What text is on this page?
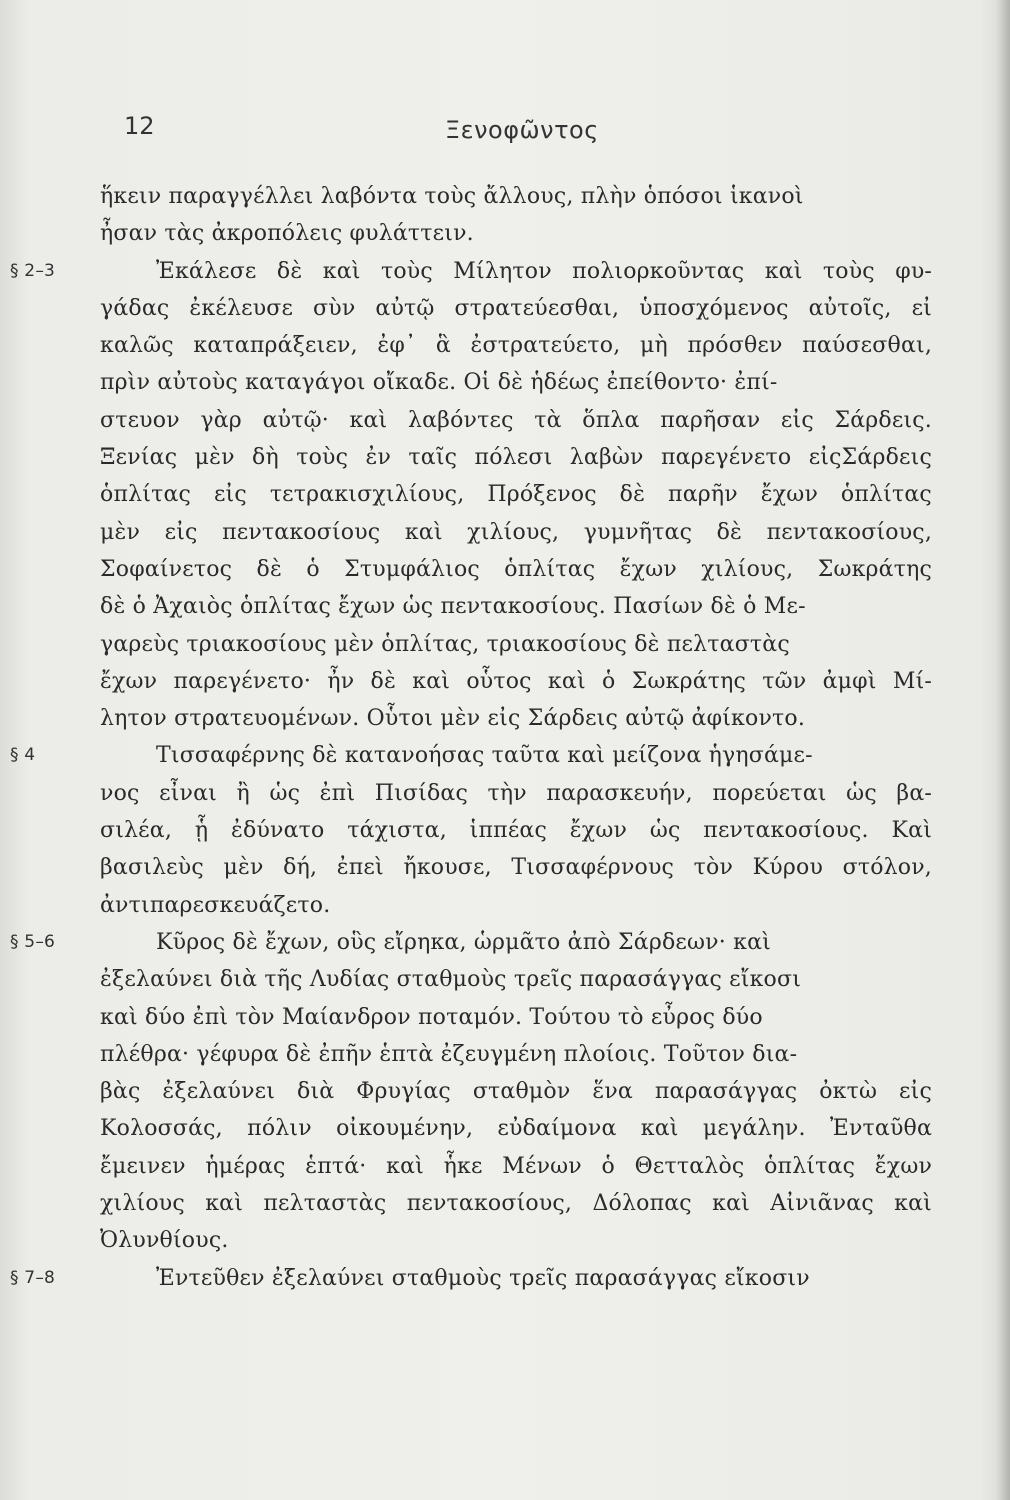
12	Ξενοφῶντος
ἥκειν παραγγέλλει λαβόντα τοὺς ἄλλους, πλὴν ὁπόσοι ἱκανοὶ
ἦσαν τὰς ἀκροπόλεις φυλάττειν.
§ 2–3	Ἐκάλεσε δὲ καὶ τοὺς Μίλητον πολιορκοῦντας καὶ τοὺς φυ-
γάδας ἐκέλευσε σὺν αὐτῷ στρατεύεσθαι, ὑποσχόμενος αὐτοῖς, εἰ
καλῶς καταπράξειεν, ἐφ᾽ ἃ ἐστρατεύετο, μὴ πρόσθεν παύσεσθαι,
πρὶν αὐτοὺς καταγάγοι οἴκαδε. Οἱ δὲ ἡδέως ἐπείθοντο· ἐπί-
στευον γὰρ αὐτῷ· καὶ λαβόντες τὰ ὅπλα παρῆσαν εἰς Σάρδεις.
Ξενίας μὲν δὴ τοὺς ἐν ταῖς πόλεσι λαβὼν παρεγένετο εἰςΣάρδεις
ὁπλίτας εἰς τετρακισχιλίους, Πρόξενος δὲ παρῆν ἔχων ὁπλίτας
μὲν εἰς πεντακοσίους καὶ χιλίους, γυμνῆτας δὲ πεντακοσίους,
Σοφαίνετος δὲ ὁ Στυμφάλιος ὁπλίτας ἔχων χιλίους, Σωκράτης
δὲ ὁ Ἀχαιὸς ὁπλίτας ἔχων ὡς πεντακοσίους. Πασίων δὲ ὁ Με-
γαρεὺς τριακοσίους μὲν ὁπλίτας, τριακοσίους δὲ πελταστὰς
ἔχων παρεγένετο· ἦν δὲ καὶ οὗτος καὶ ὁ Σωκράτης τῶν ἀμφὶ Μί-
λητον στρατευομένων. Οὗτοι μὲν εἰς Σάρδεις αὐτῷ ἀφίκοντο.
§ 4	Τισσαφέρνης δὲ κατανοήσας ταῦτα καὶ μείζονα ἡγησάμε-
νος εἶναι ἢ ὡς ἐπὶ Πισίδας τὴν παρασκευήν, πορεύεται ὡς βα-
σιλέα, ᾗ ἐδύνατο τάχιστα, ἱππέας ἔχων ὡς πεντακοσίους. Καὶ
βασιλεὺς μὲν δή, ἐπεὶ ἤκουσε, Τισσαφέρνους τὸν Κύρου στόλον,
ἀντιπαρεσκευάζετο.
§ 5–6	Κῦρος δὲ ἔχων, οὓς εἴρηκα, ὡρμᾶτο ἀπὸ Σάρδεων· καὶ
ἐξελαύνει διὰ τῆς Λυδίας σταθμοὺς τρεῖς παρασάγγας εἴκοσι
καὶ δύο ἐπὶ τὸν Μαίανδρον ποταμόν. Τούτου τὸ εὖρος δύο
πλέθρα· γέφυρα δὲ ἐπῆν ἑπτὰ ἐζευγμένη πλοίοις. Τοῦτον δια-
βὰς ἐξελαύνει διὰ Φρυγίας σταθμὸν ἕνα παρασάγγας ὀκτὼ εἰς
Κολοσσάς, πόλιν οἰκουμένην, εὐδαίμονα καὶ μεγάλην. Ἐνταῦθα
ἔμεινεν ἡμέρας ἑπτά· καὶ ἧκε Μένων ὁ Θετταλὸς ὁπλίτας ἔχων
χιλίους καὶ πελταστὰς πεντακοσίους, Δόλοπας καὶ Αἰνιᾶνας καὶ
Ὀλυνθίους.
§ 7–8	Ἐντεῦθεν ἐξελαύνει σταθμοὺς τρεῖς παρασάγγας εἴκοσιν
